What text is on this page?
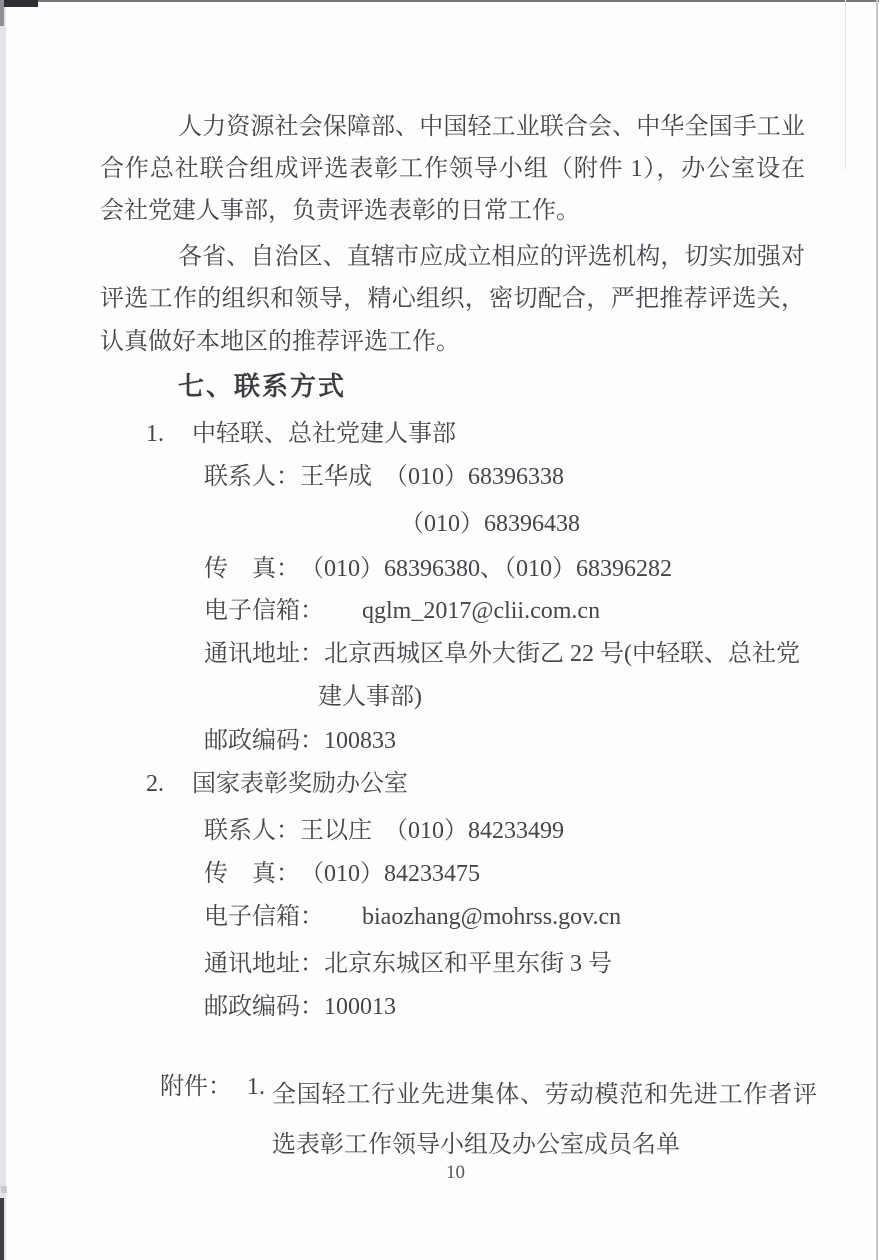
人力资源社会保障部、中国轻工业联合会、中华全国手工业
合作总社联合组成评选表彰工作领导小组（附件 1），办公室设在
会社党建人事部，负责评选表彰的日常工作。
各省、自治区、直辖市应成立相应的评选机构，切实加强对
评选工作的组织和领导，精心组织，密切配合，严把推荐评选关，
认真做好本地区的推荐评选工作。
七、联系方式
1. 中轻联、总社党建人事部
联系人：王华成　（010）68396338
（010）68396438
传　真：（010）68396380、（010）68396282
电子信箱： qglm_2017@clii.com.cn
通讯地址：北京西城区阜外大街乙 22 号(中轻联、总社党
建人事部)
邮政编码：100833
2. 国家表彰奖励办公室
联系人：王以庄　（010）84233499
传　真：（010）84233475
电子信箱： biaozhang@mohrss.gov.cn
通讯地址：北京东城区和平里东街 3 号
邮政编码：100013
附件： 1. 全国轻工行业先进集体、劳动模范和先进工作者评选表彰工作领导小组及办公室成员名单
10
